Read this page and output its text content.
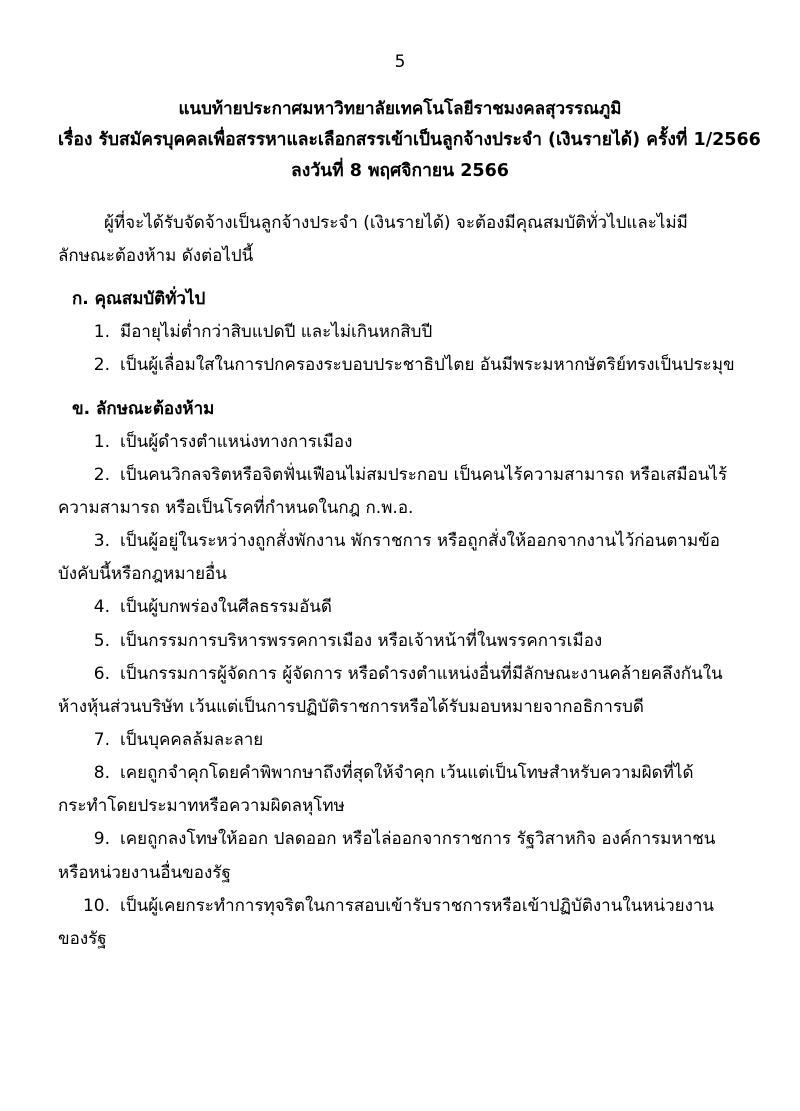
5
แนบท้ายประกาศมหาวิทยาลัยเทคโนโลยีราชมงคลสุวรรณภูมิ
เรื่อง รับสมัครบุคคลเพื่อสรรหาและเลือกสรรเข้าเป็นลูกจ้างประจำ (เงินรายได้) ครั้งที่ 1/2566
ลงวันที่ 8 พฤศจิกายน 2566

ผู้ที่จะได้รับจัดจ้างเป็นลูกจ้างประจำ (เงินรายได้) จะต้องมีคุณสมบัติทั่วไปและไม่มีลักษณะต้องห้าม ดังต่อไปนี้

ก. คุณสมบัติทั่วไป
1. มีอายุไม่ต่ำกว่าสิบแปดปี และไม่เกินหกสิบปี
2. เป็นผู้เลื่อมใสในการปกครองระบอบประชาธิปไตย อันมีพระมหากษัตริย์ทรงเป็นประมุข
ข. ลักษณะต้องห้าม
1. เป็นผู้ดำรงตำแหน่งทางการเมือง
2. เป็นคนวิกลจริตหรือจิตฟั่นเฟือนไม่สมประกอบ เป็นคนไร้ความสามารถ หรือเสมือนไร้ความสามารถ หรือเป็นโรคที่กำหนดในกฎ ก.พ.อ.
3. เป็นผู้อยู่ในระหว่างถูกสั่งพักงาน พักราชการ หรือถูกสั่งให้ออกจากงานไว้ก่อนตามข้อบังคับนี้หรือกฎหมายอื่น
4. เป็นผู้บกพร่องในศีลธรรมอันดี
5. เป็นกรรมการบริหารพรรคการเมือง หรือเจ้าหน้าที่ในพรรคการเมือง
6. เป็นกรรมการผู้จัดการ ผู้จัดการ หรือดำรงตำแหน่งอื่นที่มีลักษณะงานคล้ายคลึงกันในห้างหุ้นส่วนบริษัท เว้นแต่เป็นการปฏิบัติราชการหรือได้รับมอบหมายจากอธิการบดี
7. เป็นบุคคลล้มละลาย
8. เคยถูกจำคุกโดยคำพิพากษาถึงที่สุดให้จำคุก เว้นแต่เป็นโทษสำหรับความผิดที่ได้กระทำโดยประมาทหรือความผิดลหุโทษ
9. เคยถูกลงโทษให้ออก ปลดออก หรือไล่ออกจากราชการ รัฐวิสาหกิจ องค์การมหาชนหรือหน่วยงานอื่นของรัฐ
10. เป็นผู้เคยกระทำการทุจริตในการสอบเข้ารับราชการหรือเข้าปฏิบัติงานในหน่วยงานของรัฐ
